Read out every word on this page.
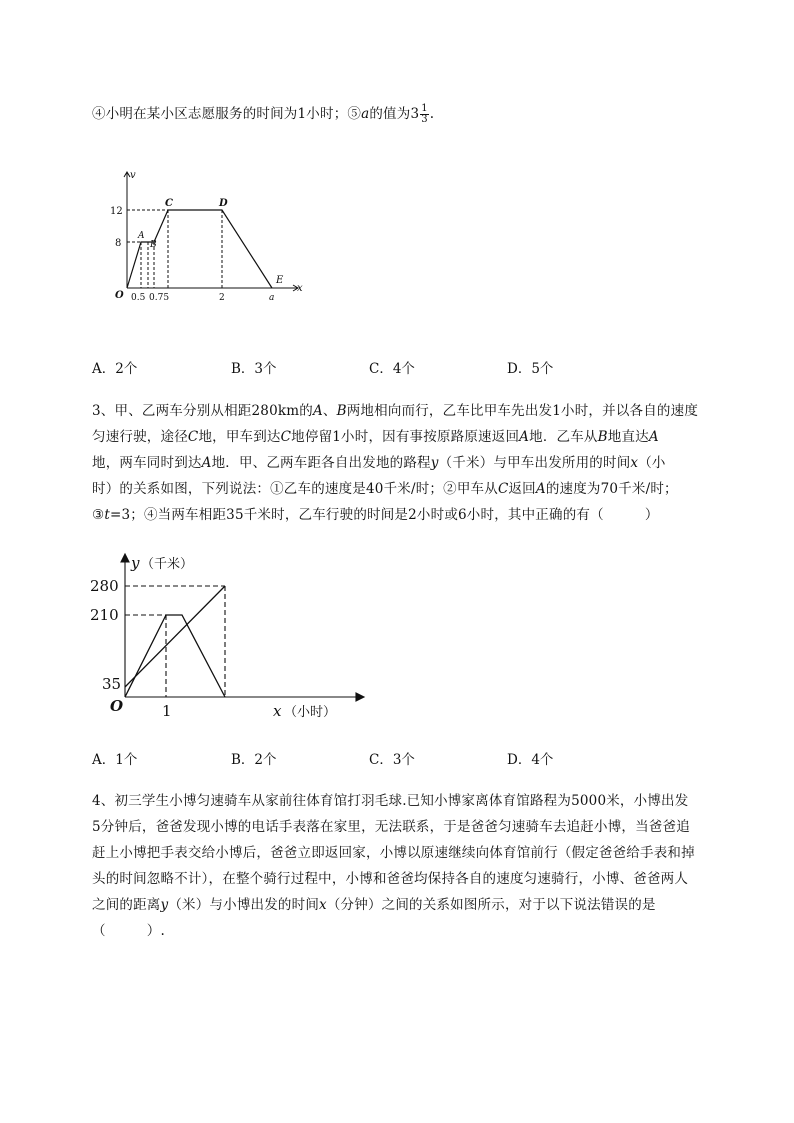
④小明在某小区志愿服务的时间为1小时；⑤a的值为$3 \frac{1}{3}$ .
v
x
O
12
8
0.5 0.75	2	a
A
B
C	D
E
A．2个	B．3个	C．4个	D．5个
3、甲、乙两车分别从相距280km的A、B两地相向而行，乙车比甲车先出发1小时，并以各自的速度
匀速行驶，途径C地，甲车到达C地停留1小时，因有事按原路原速返回A地．乙车从B地直达A
地，两车同时到达A地．甲、乙两车距各自出发地的路程y（千米）与甲车出发所用的时间x（小
时）的关系如图，下列说法：①乙车的速度是40千米/时；②甲车从C返回A的速度为70千米/时；
③t=3；④当两车相距35千米时，乙车行驶的时间是2小时或6小时，其中正确的有（　　　）
y （千米）
280
210
35
O	1	x （小时）
A．1个	B．2个	C．3个	D．4个
4、初三学生小博匀速骑车从家前往体育馆打羽毛球.已知小博家离体育馆路程为5000米，小博出发
5分钟后，爸爸发现小博的电话手表落在家里，无法联系，于是爸爸匀速骑车去追赶小博，当爸爸追
赶上小博把手表交给小博后，爸爸立即返回家，小博以原速继续向体育馆前行（假定爸爸给手表和掉
头的时间忽略不计），在整个骑行过程中，小博和爸爸均保持各自的速度匀速骑行，小博、爸爸两人
之间的距离y（米）与小博出发的时间x（分钟）之间的关系如图所示，对于以下说法错误的是
（　　　）.
